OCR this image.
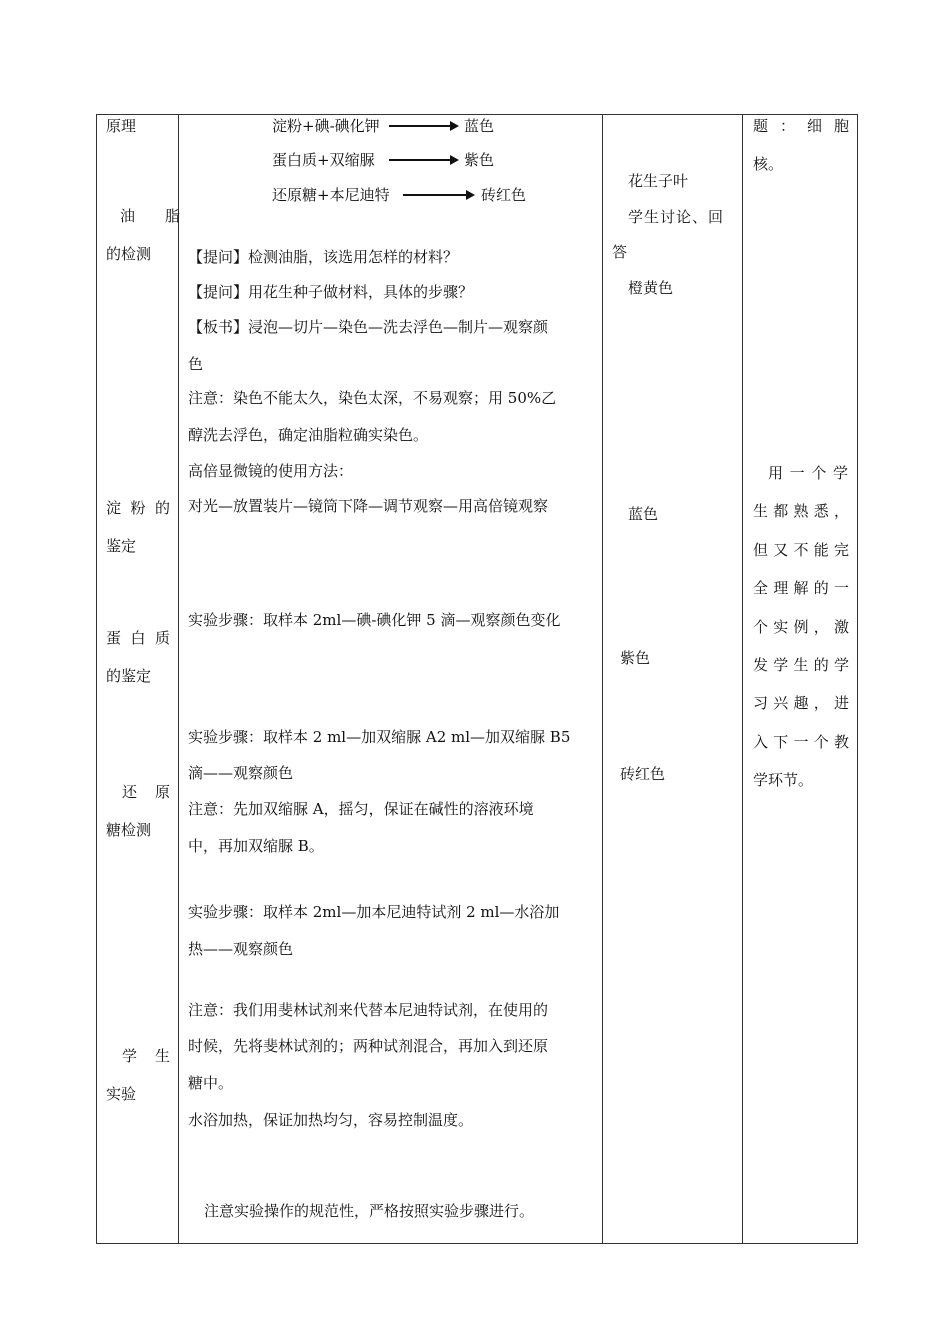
原理
油 脂
的检测
淀 粉 的
鉴定
蛋 白 质
的鉴定
还 原
糖检测
学 生
实验
淀粉+碘-碘化钾	蓝色
蛋白质+双缩脲	紫色
还原糖+本尼迪特	砖红色
【提问】检测油脂，该选用怎样的材料？
【提问】用花生种子做材料，具体的步骤？
【板书】浸泡—切片—染色—洗去浮色—制片—观察颜
色
注意：染色不能太久，染色太深，不易观察；用 50%乙
醇洗去浮色，确定油脂粒确实染色。
高倍显微镜的使用方法：
对光—放置装片—镜筒下降—调节观察—用高倍镜观察
实验步骤：取样本 2ml—碘-碘化钾 5 滴—观察颜色变化
实验步骤：取样本 2 ml—加双缩脲 A2 ml—加双缩脲 B5
滴——观察颜色
注意：先加双缩脲 A，摇匀，保证在碱性的溶液环境
中，再加双缩脲 B。
实验步骤：取样本 2ml—加本尼迪特试剂 2 ml—水浴加
热——观察颜色
注意：我们用斐林试剂来代替本尼迪特试剂，在使用的
时候，先将斐林试剂的；两种试剂混合，再加入到还原
糖中。
水浴加热，保证加热均匀，容易控制温度。
注意实验操作的规范性，严格按照实验步骤进行。
花生子叶
学生讨论、回
答
橙黄色
蓝色
紫色
砖红色
题 ： 细 胞
核。
用 一 个 学
生 都 熟 悉 ，
但 又 不 能 完
全 理 解 的 一
个 实 例 ， 激
发 学 生 的 学
习 兴 趣 ， 进
入 下 一 个 教
学环节。
